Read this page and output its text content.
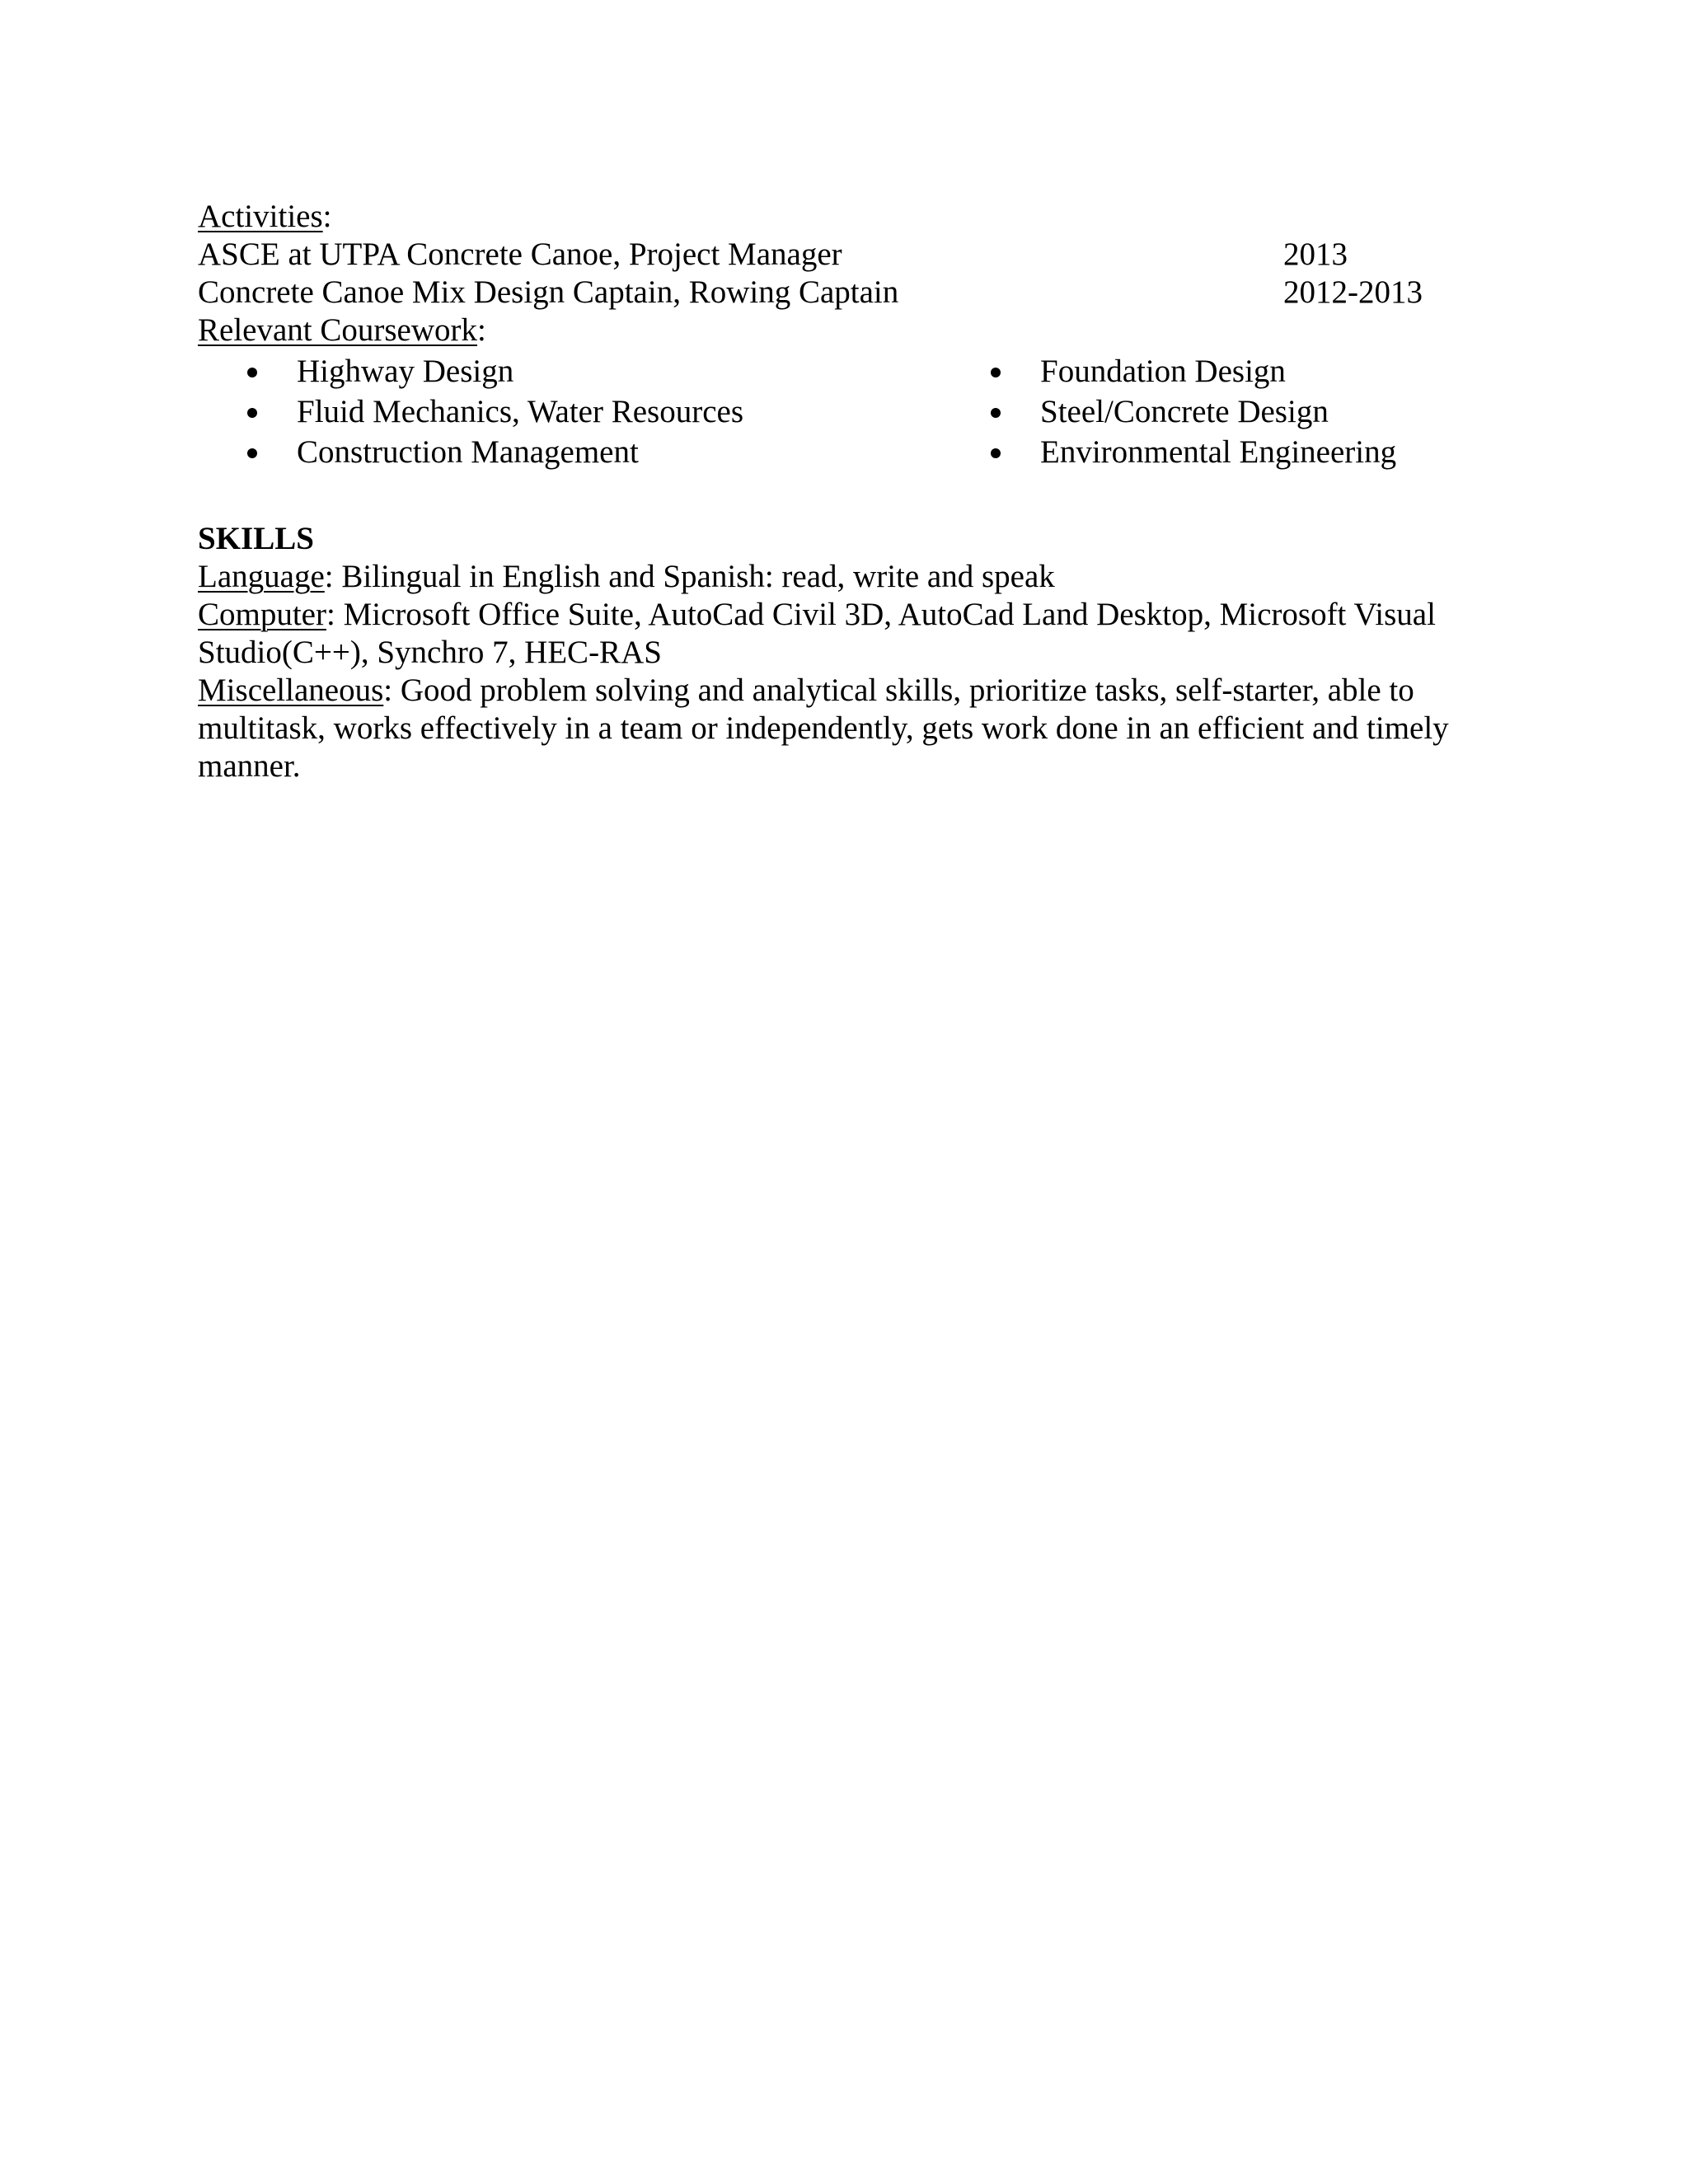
Activities:
ASCE at UTPA Concrete Canoe, Project Manager	2013
Concrete Canoe Mix Design Captain, Rowing Captain	2012-2013
Relevant Coursework:
Highway Design
Fluid Mechanics, Water Resources
Construction Management
Foundation Design
Steel/Concrete Design
Environmental Engineering
SKILLS
Language: Bilingual in English and Spanish: read, write and speak
Computer: Microsoft Office Suite, AutoCad Civil 3D, AutoCad Land Desktop, Microsoft Visual Studio(C++), Synchro 7, HEC-RAS
Miscellaneous: Good problem solving and analytical skills, prioritize tasks, self-starter, able to multitask, works effectively in a team or independently, gets work done in an efficient and timely manner.
